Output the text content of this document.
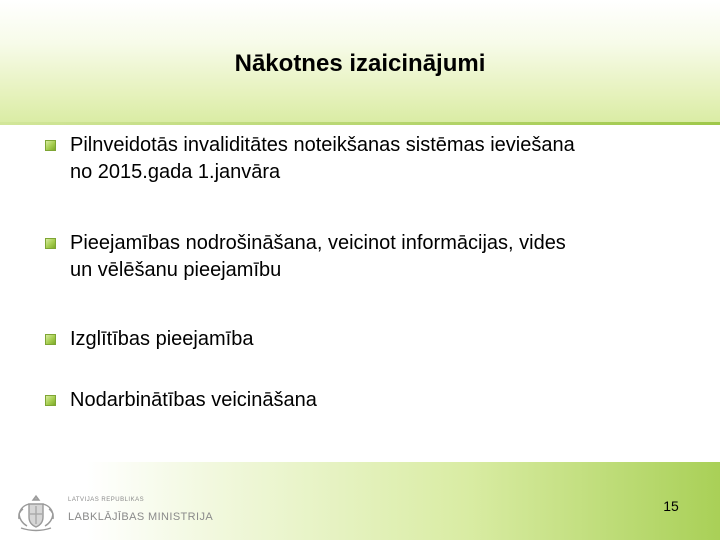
Nākotnes izaicinājumi
Pilnveidotās invaliditātes noteikšanas sistēmas ieviešana
no 2015.gada 1.janvāra
Pieejamības nodrošināšana, veicinot informācijas, vides
un vēlēšanu pieejamību
Izglītības pieejamība
Nodarbinātības veicināšana
LATVIJAS REPUBLIKAS
LABKLĀJĪBAS MINISTRIJA
15
